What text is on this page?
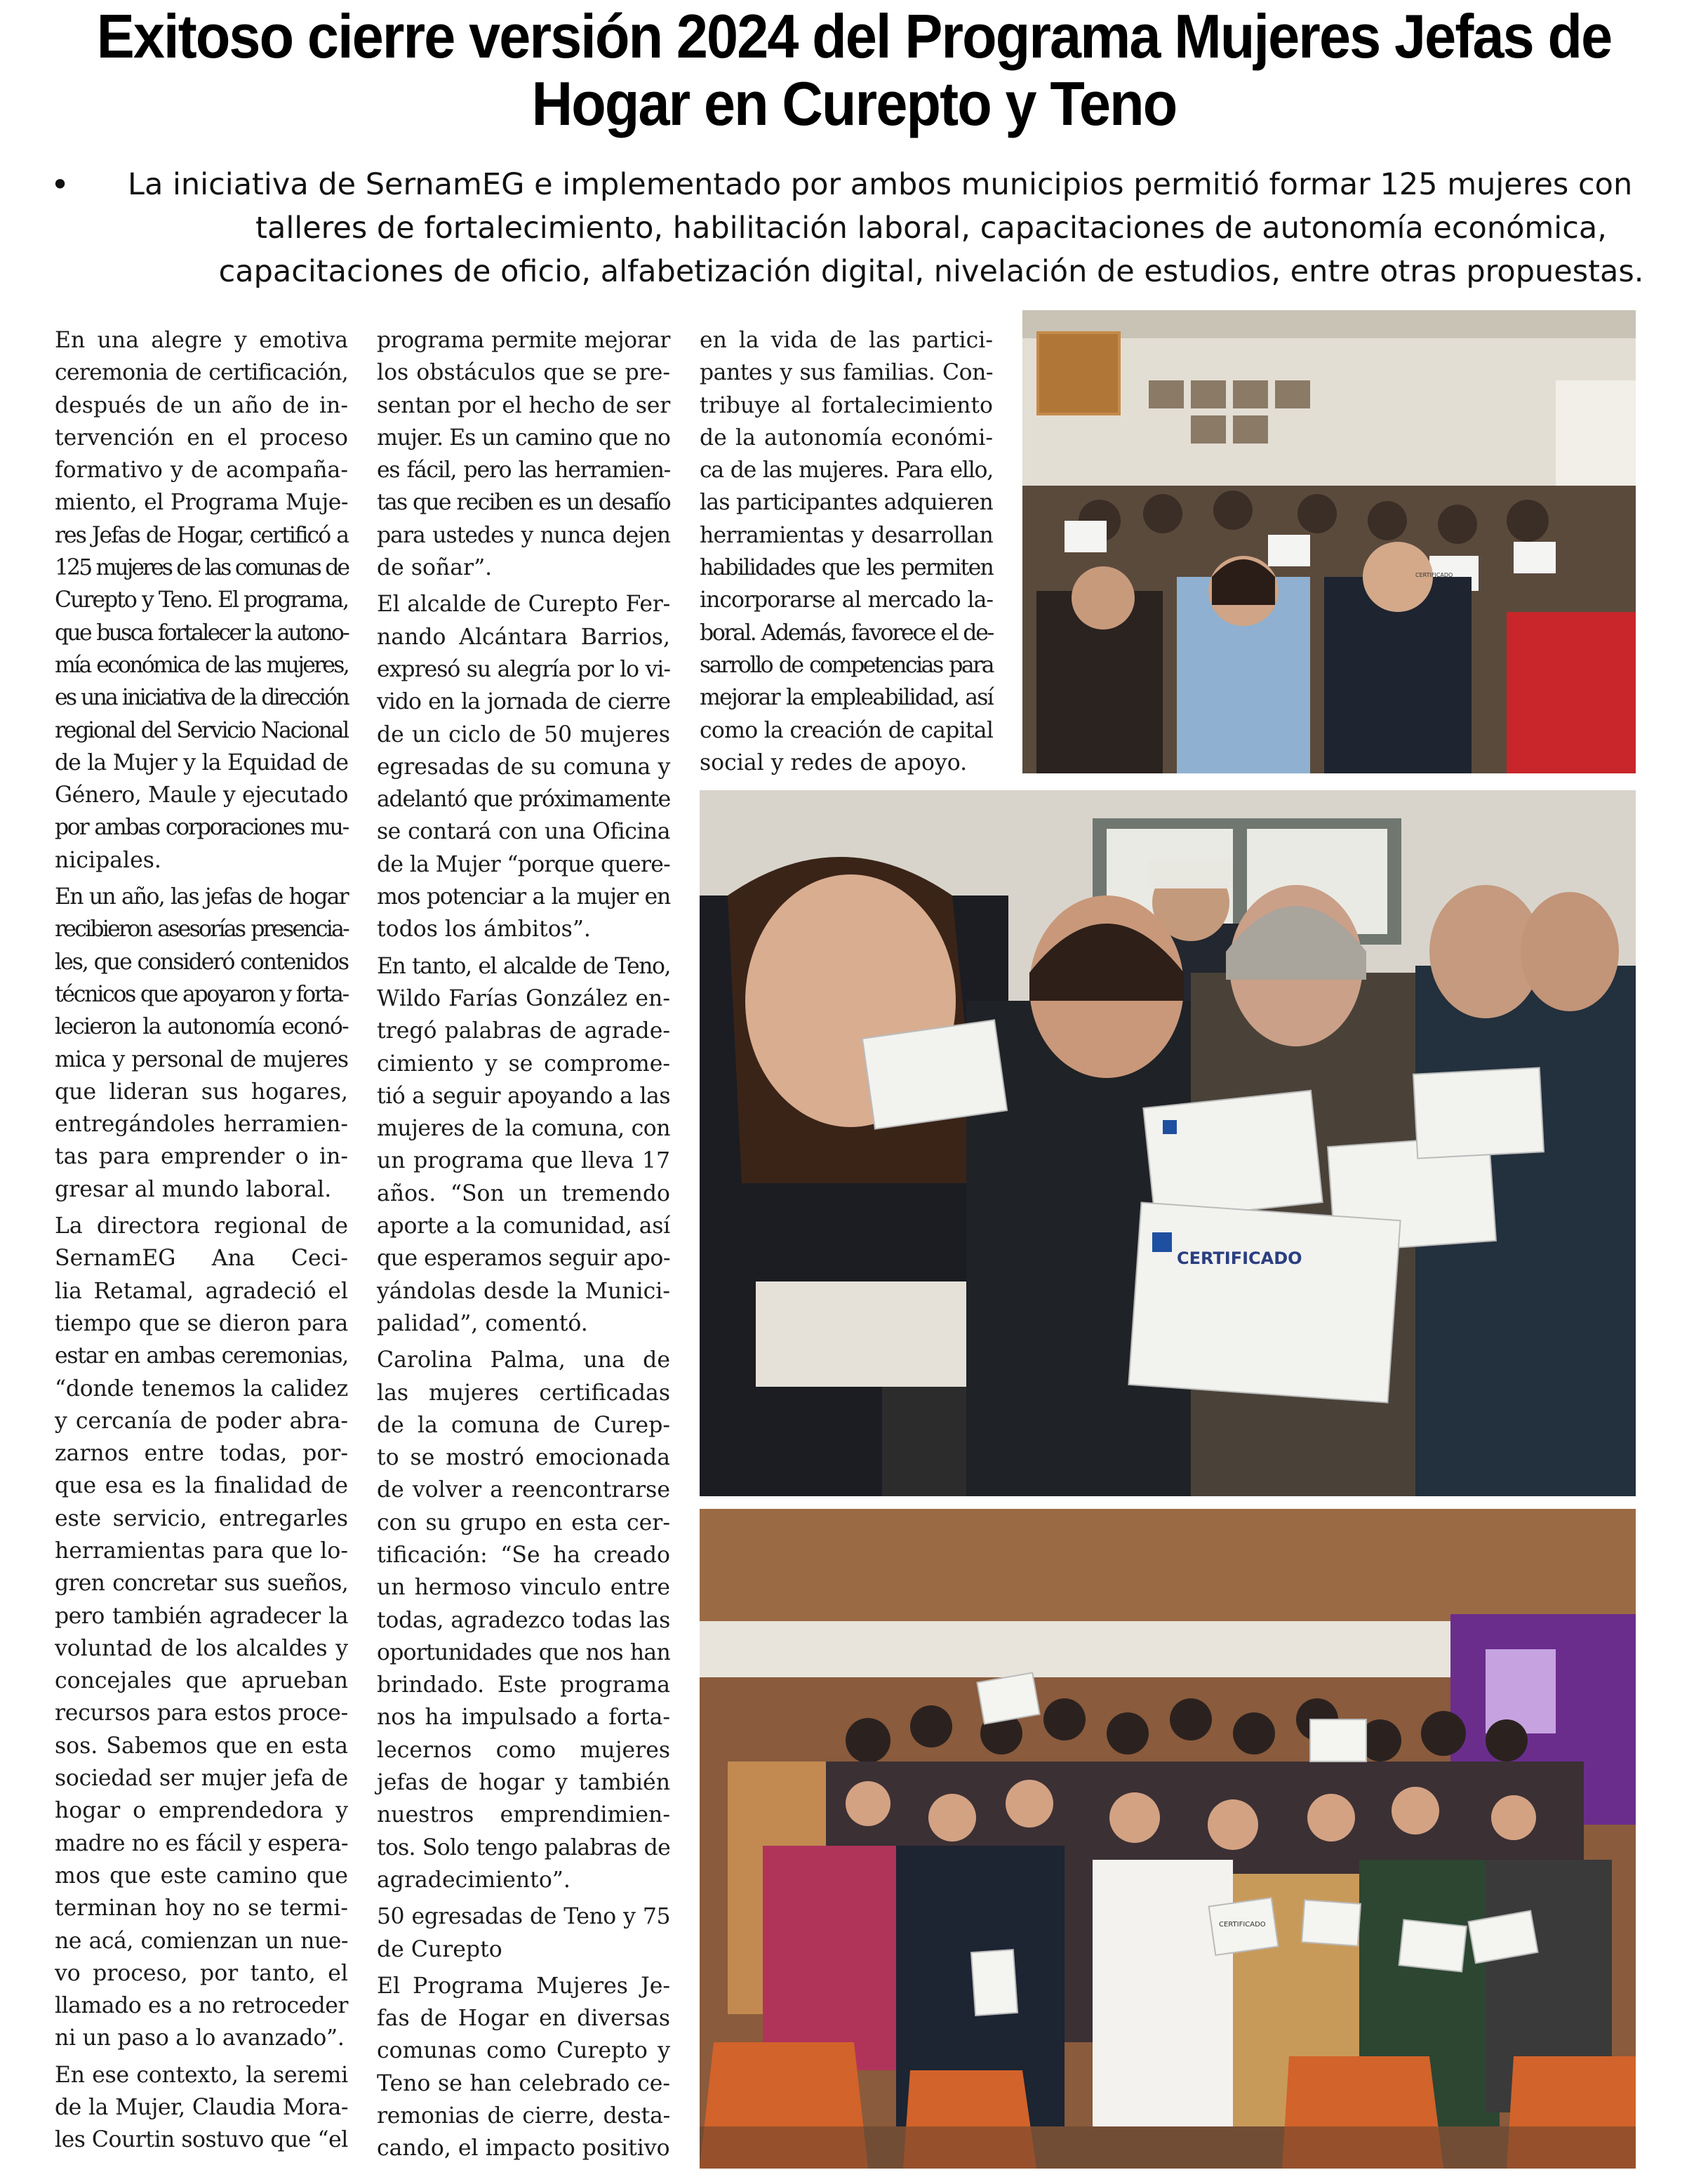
Exitoso cierre versión 2024 del Programa Mujeres Jefas de
Hogar en Curepto y Teno
• La iniciativa de SernamEG e implementado por ambos municipios permitió formar 125 mujeres con
talleres de fortalecimiento, habilitación laboral, capacitaciones de autonomía económica,
capacitaciones de oficio, alfabetización digital, nivelación de estudios, entre otras propuestas.

En una alegre y emotiva
ceremonia de certificación,
después de un año de in-
tervención en el proceso
formativo y de acompaña-
miento, el Programa Muje-
res Jefas de Hogar, certificó a
125 mujeres de las comunas de
Curepto y Teno. El programa,
que busca fortalecer la autono-
mía económica de las mujeres,
es una iniciativa de la dirección
regional del Servicio Nacional
de la Mujer y la Equidad de
Género, Maule y ejecutado
por ambas corporaciones mu-
nicipales.

En un año, las jefas de hogar
recibieron asesorías presencia-
les, que consideró contenidos
técnicos que apoyaron y forta-
lecieron la autonomía econó-
mica y personal de mujeres
que lideran sus hogares,
entregándoles herramien-
tas para emprender o in-
gresar al mundo laboral.

La directora regional de
SernamEG Ana Ceci-
lia Retamal, agradeció el
tiempo que se dieron para
estar en ambas ceremonias,
“donde tenemos la calidez
y cercanía de poder abra-
zarnos entre todas, por-
que esa es la finalidad de
este servicio, entregarles
herramientas para que lo-
gren concretar sus sueños,
pero también agradecer la
voluntad de los alcaldes y
concejales que aprueban
recursos para estos proce-
sos. Sabemos que en esta
sociedad ser mujer jefa de
hogar o emprendedora y
madre no es fácil y espera-
mos que este camino que
terminan hoy no se termi-
ne acá, comienzan un nue-
vo proceso, por tanto, el
llamado es a no retroceder
ni un paso a lo avanzado”.

En ese contexto, la seremi
de la Mujer, Claudia Mora-
les Courtin sostuvo que “el

programa permite mejorar
los obstáculos que se pre-
sentan por el hecho de ser
mujer. Es un camino que no
es fácil, pero las herramien-
tas que reciben es un desafío
para ustedes y nunca dejen
de soñar”.

El alcalde de Curepto Fer-
nando Alcántara Barrios,
expresó su alegría por lo vi-
vido en la jornada de cierre
de un ciclo de 50 mujeres
egresadas de su comuna y
adelantó que próximamente
se contará con una Oficina
de la Mujer “porque quere-
mos potenciar a la mujer en
todos los ámbitos”.

En tanto, el alcalde de Teno,
Wildo Farías González en-
tregó palabras de agrade-
cimiento y se comprome-
tió a seguir apoyando a las
mujeres de la comuna, con
un programa que lleva 17
años. “Son un tremendo
aporte a la comunidad, así
que esperamos seguir apo-
yándolas desde la Munici-
palidad”, comentó.

Carolina Palma, una de
las mujeres certificadas
de la comuna de Curep-
to se mostró emocionada
de volver a reencontrarse
con su grupo en esta cer-
tificación: “Se ha creado
un hermoso vinculo entre
todas, agradezco todas las
oportunidades que nos han
brindado. Este programa
nos ha impulsado a forta-
lecernos como mujeres
jefas de hogar y también
nuestros emprendimien-
tos. Solo tengo palabras de
agradecimiento”.

50 egresadas de Teno y 75
de Curepto

El Programa Mujeres Je-
fas de Hogar en diversas
comunas como Curepto y
Teno se han celebrado ce-
remonias de cierre, desta-
cando, el impacto positivo

en la vida de las partici-
pantes y sus familias. Con-
tribuye al fortalecimiento
de la autonomía económi-
ca de las mujeres. Para ello,
las participantes adquieren
herramientas y desarrollan
habilidades que les permiten
incorporarse al mercado la-
boral. Además, favorece el de-
sarrollo de competencias para
mejorar la empleabilidad, así
como la creación de capital
social y redes de apoyo.

CERTIFICADO
CERTIFICADO
CERTIFICADO
